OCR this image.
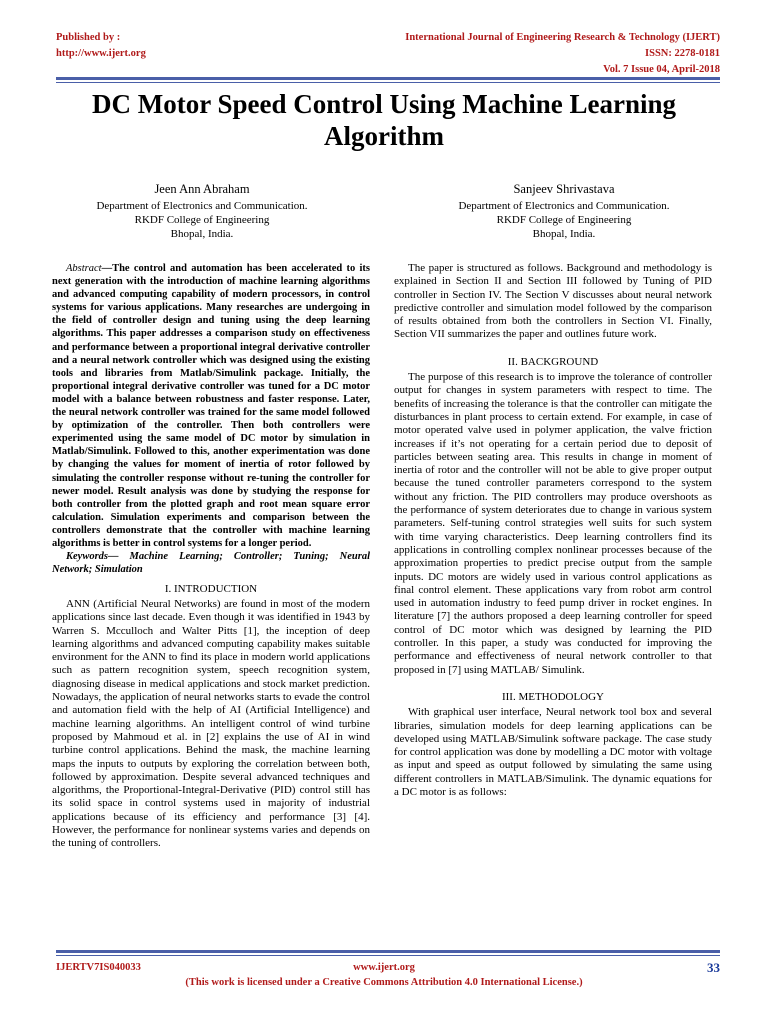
Published by :
http://www.ijert.org
International Journal of Engineering Research & Technology (IJERT)
ISSN: 2278-0181
Vol. 7 Issue 04, April-2018
DC Motor Speed Control Using Machine Learning Algorithm
Jeen Ann Abraham
Department of Electronics and Communication.
RKDF College of Engineering
Bhopal, India.
Sanjeev Shrivastava
Department of Electronics and Communication.
RKDF College of Engineering
Bhopal, India.

Abstract—The control and automation has been accelerated to its next generation with the introduction of machine learning algorithms and advanced computing capability of modern processors, in control systems for various applications. Many researches are undergoing in the field of controller design and tuning using the deep learning algorithms. This paper addresses a comparison study on effectiveness and performance between a proportional integral derivative controller and a neural network controller which was designed using the existing tools and libraries from Matlab/Simulink package. Initially, the proportional integral derivative controller was tuned for a DC motor model with a balance between robustness and faster response. Later, the neural network controller was trained for the same model followed by optimization of the controller. Then both controllers were experimented using the same model of DC motor by simulation in Matlab/Simulink. Followed to this, another experimentation was done by changing the values for moment of inertia of rotor followed by simulating the controller response without re-tuning the controller for newer model. Result analysis was done by studying the response for both controller from the plotted graph and root mean square error calculation. Simulation experiments and comparison between the controllers demonstrate that the controller with machine learning algorithms is better in control systems for a longer period.

Keywords— Machine Learning; Controller; Tuning; Neural Network; Simulation

I. INTRODUCTION

ANN (Artificial Neural Networks) are found in most of the modern applications since last decade. Even though it was identified in 1943 by Warren S. Mcculloch and Walter Pitts [1], the inception of deep learning algorithms and advanced computing capability makes suitable environment for the ANN to find its place in modern world applications such as pattern recognition system, speech recognition system, diagnosing disease in medical applications and stock market prediction. Nowadays, the application of neural networks starts to evade the control and automation field with the help of AI (Artificial Intelligence) and machine learning algorithms. An intelligent control of wind turbine proposed by Mahmoud et al. in [2] explains the use of AI in wind turbine control applications. Behind the mask, the machine learning maps the inputs to outputs by exploring the correlation between both, followed by approximation. Despite several advanced techniques and algorithms, the Proportional-Integral-Derivative (PID) control still has its solid space in control systems used in majority of industrial applications because of its efficiency and performance [3] [4]. However, the performance for nonlinear systems varies and depends on the tuning of controllers.

The paper is structured as follows. Background and methodology is explained in Section II and Section III followed by Tuning of PID controller in Section IV. The Section V discusses about neural network predictive controller and simulation model followed by the comparison of results obtained from both the controllers in Section VI. Finally, Section VII summarizes the paper and outlines future work.

II. BACKGROUND

The purpose of this research is to improve the tolerance of controller output for changes in system parameters with respect to time. The benefits of increasing the tolerance is that the controller can mitigate the disturbances in plant process to certain extend. For example, in case of motor operated valve used in polymer application, the valve friction increases if it’s not operating for a certain period due to deposit of particles between seating area. This results in change in moment of inertia of rotor and the controller will not be able to give proper output because the tuned controller parameters correspond to the system without any friction. The PID controllers may produce overshoots as the performance of system deteriorates due to change in various system parameters. Self-tuning control strategies well suits for such system with time varying characteristics. Deep learning controllers find its applications in controlling complex nonlinear processes because of the approximation properties to predict precise output from the sample inputs. DC motors are widely used in various control applications as final control element. These applications vary from robot arm control used in automation industry to feed pump driver in rocket engines. In literature [7] the authors proposed a deep learning controller for speed control of DC motor which was designed by learning the PID controller. In this paper, a study was conducted for improving the performance and effectiveness of neural network controller to that proposed in [7] using MATLAB/ Simulink.

III. METHODOLOGY

With graphical user interface, Neural network tool box and several libraries, simulation models for deep learning applications can be developed using MATLAB/Simulink software package. The case study for control application was done by modelling a DC motor with voltage as input and speed as output followed by simulating the same using different controllers in MATLAB/Simulink. The dynamic equations for a DC motor is as follows:

IJERTV7IS040033	www.ijert.org
(This work is licensed under a Creative Commons Attribution 4.0 International License.)
33
